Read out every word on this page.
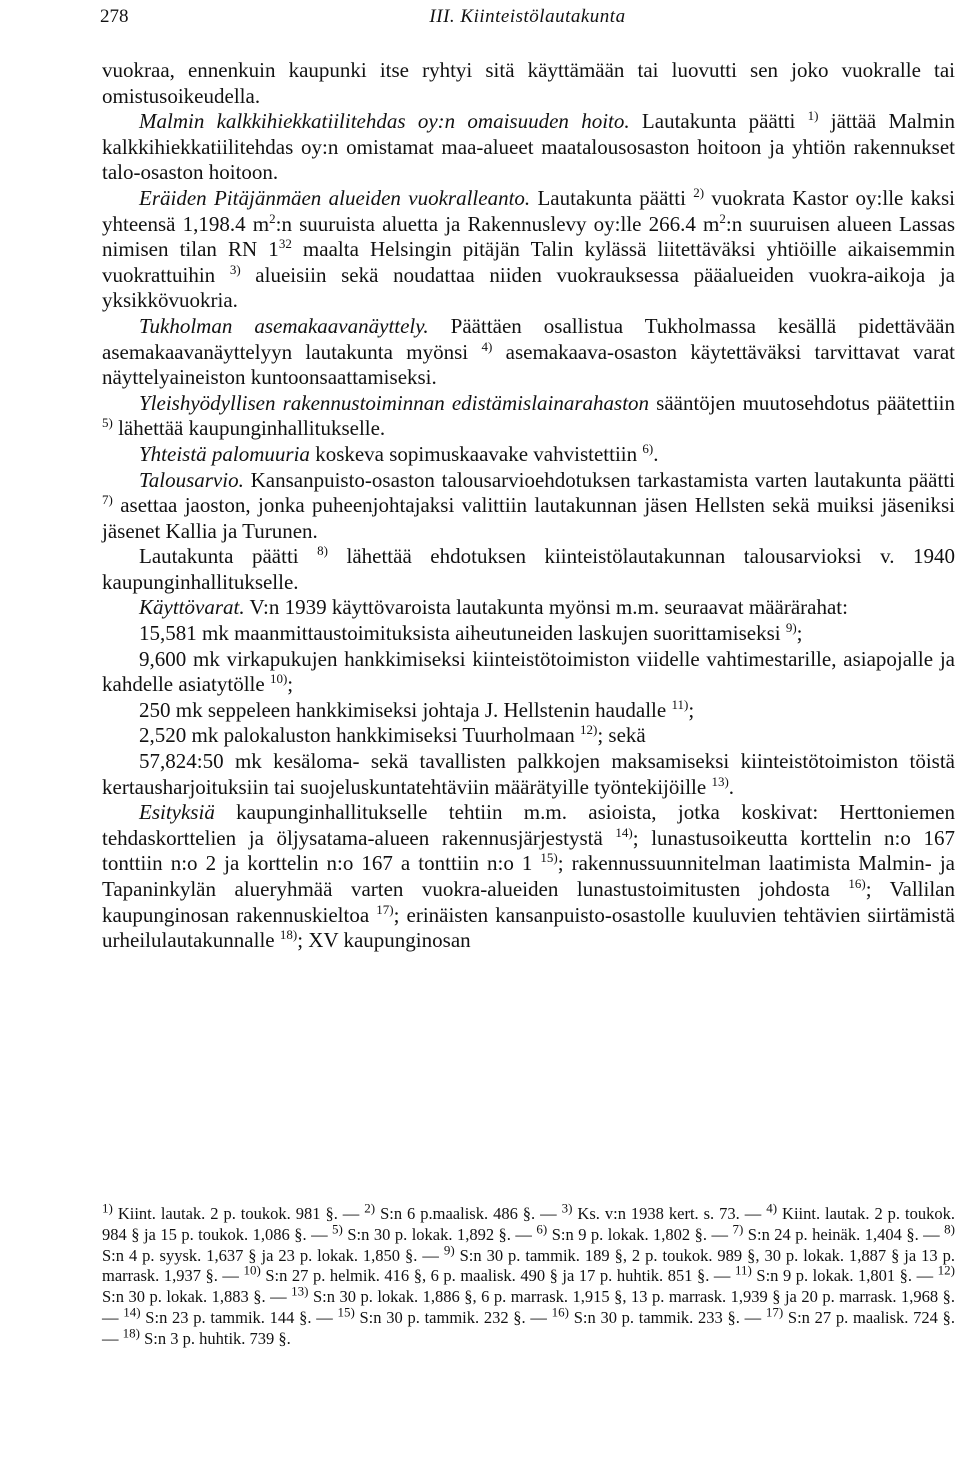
278	III. Kiinteistölautakunta

vuokraa, ennenkuin kaupunki itse ryhtyi sitä käyttämään tai luovutti sen joko vuokralle tai omistusoikeudella.

Malmin kalkkihiekkatiilitehdas oy:n omaisuuden hoito. Lautakunta päätti $^{1)}$ jättää Malmin kalkkihiekkatiilitehdas oy:n omistamat maa-alueet maatalousosaston hoitoon ja yhtiön rakennukset talo-osaston hoitoon.

Eräiden Pitäjänmäen alueiden vuokralleanto. Lautakunta päätti $^{2)}$ vuokrata Kastor oy:lle kaksi yhteensä 1,198.4 $m^2:n$ suuruista aluetta ja Rakennuslevy oy:lle 266.4 $m^2:n$ suuruisen alueen Lassas nimisen tilan RN $1^{32}$ maalta Helsingin pitäjän Talin kylässä liitettäväksi yhtiöille aikaisemmin vuokrattuihin $^{3)}$ alueisiin sekä noudattaa niiden vuokrauksessa pääalueiden vuokra-aikoja ja yksikkövuokria.

Tukholman asemakaavanäyttely. Päättäen osallistua Tukholmassa kesällä pidettävään asemakaavanäyttelyyn lautakunta myönsi $^{4)}$ asemakaava-osaston käytettäväksi tarvittavat varat näyttelyaineiston kuntoonsaattamiseksi.

Yleishyödyllisen rakennustoiminnan edistämislainarahaston sääntöjen muutosehdotus päätettiin $^{5)}$ lähettää kaupunginhallitukselle.

Yhteistä palomuuria koskeva sopimuskaavake vahvistettiin $^{6)}$.

Talousarvio. Kansanpuisto-osaston talousarvioehdotuksen tarkastamista varten lautakunta päätti $^{7)}$ asettaa jaoston, jonka puheenjohtajaksi valittiin lautakunnan jäsen Hellsten sekä muiksi jäseniksi jäsenet Kallia ja Turunen.

Lautakunta päätti $^{8)}$ lähettää ehdotuksen kiinteistölautakunnan talousarvioksi v. 1940 kaupunginhallitukselle.

Käyttövarat. V:n 1939 käyttövaroista lautakunta myönsi m.m. seuraavat määrärahat:

15,581 mk maanmittaustoimituksista aiheutuneiden laskujen suorittamiseksi $^{9)}$;

9,600 mk virkapukujen hankkimiseksi kiinteistötoimiston viidelle vahtimestarille, asiapojalle ja kahdelle asiatytölle $^{10)}$;

250 mk seppeleen hankkimiseksi johtaja J. Hellstenin haudalle $^{11)}$;

2,520 mk palokaluston hankkimiseksi Tuurholmaan $^{12)}$; sekä

57,824:50 mk kesäloma- sekä tavallisten palkkojen maksamiseksi kiinteistötoimiston töistä kertausharjoituksiin tai suojeluskuntatehtäviin määrätyille työntekijöille $^{13)}$.

Esityksiä kaupunginhallitukselle tehtiin m.m. asioista, jotka koskivat: Herttoniemen tehdaskorttelien ja öljysatama-alueen rakennusjärjestystä $^{14)}$; lunastusoikeutta korttelin n:o 167 tonttiin n:o 2 ja korttelin n:o 167 a tonttiin n:o 1 $^{15)}$; rakennussuunnitelman laatimista Malmin- ja Tapaninkylän alueryhmää varten vuokra-alueiden lunastustoimitusten johdosta $^{16)}$; Vallilan kaupunginosan rakennuskieltoa $^{17)}$; erinäisten kansanpuisto-osastolle kuuluvien tehtävien siirtämistä urheilulautakunnalle $^{18)}$; XV kaupunginosan

$^{1)}$ Kiint. lautak. 2 p. toukok. 981 §. — $^{2)}$ S:n 6 p.maalisk. 486 §. — $^{3)}$ Ks. v:n 1938 kert. s. 73. — $^{4)}$ Kiint. lautak. 2 p. toukok. 984 § ja 15 p. toukok. 1,086 §. — $^{5)}$ S:n 30 p. lokak. 1,892 §. — $^{6)}$ S:n 9 p. lokak. 1,802 §. — $^{7)}$ S:n 24 p. heinäk. 1,404 §. — $^{8)}$ S:n 4 p. syysk. 1,637 § ja 23 p. lokak. 1,850 §. — $^{9)}$ S:n 30 p. tammik. 189 §, 2 p. toukok. 989 §, 30 p. lokak. 1,887 § ja 13 p. marrask. 1,937 §. — $^{10)}$ S:n 27 p. helmik. 416 §, 6 p. maalisk. 490 § ja 17 p. huhtik. 851 §. — $^{11)}$ S:n 9 p. lokak. 1,801 §. — $^{12)}$ S:n 30 p. lokak. 1,883 §. — $^{13)}$ S:n 30 p. lokak. 1,886 §, 6 p. marrask. 1,915 §, 13 p. marrask. 1,939 § ja 20 p. marrask. 1,968 §. — $^{14)}$ S:n 23 p. tammik. 144 §. — $^{15)}$ S:n 30 p. tammik. 232 §. — $^{16)}$ S:n 30 p. tammik. 233 §. — $^{17)}$ S:n 27 p. maalisk. 724 §. — $^{18)}$ S:n 3 p. huhtik. 739 §.
